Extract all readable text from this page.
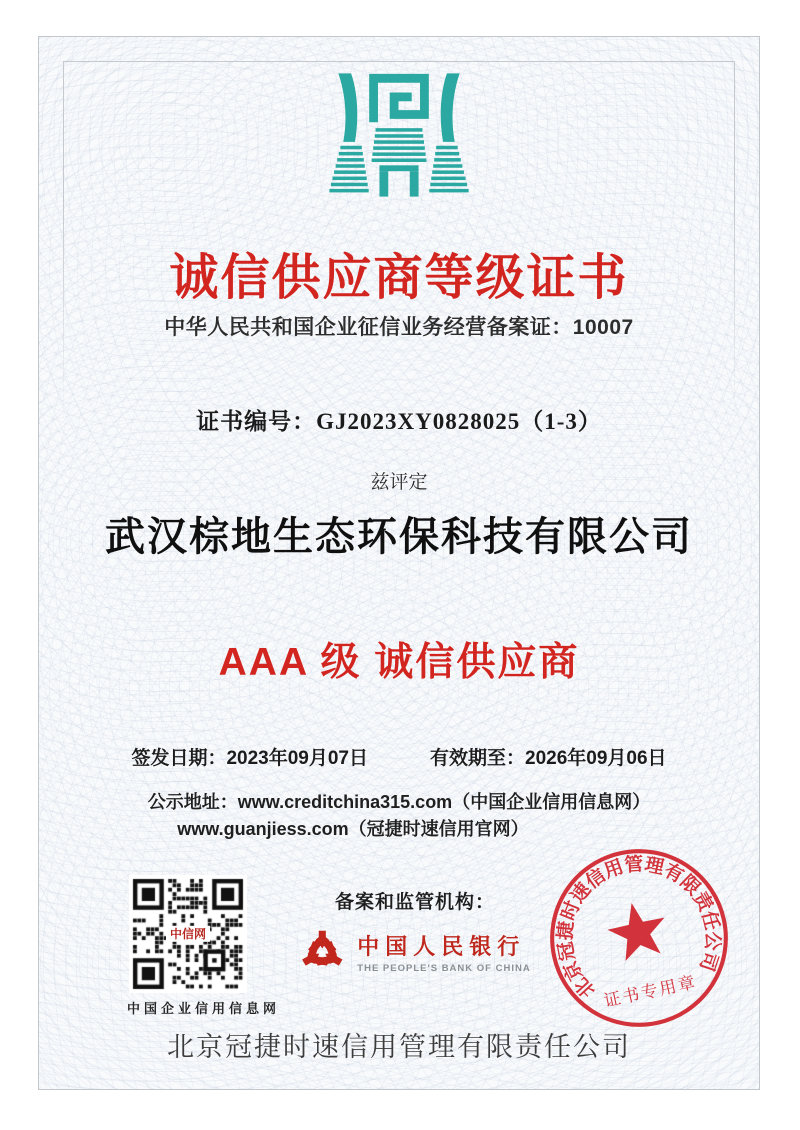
诚信供应商等级证书
中华人民共和国企业征信业务经营备案证：10007
证书编号：GJ2023XY0828025（1-3）
兹评定
武汉棕地生态环保科技有限公司
AAA 级 诚信供应商
签发日期：2023年09月07日	有效期至：2026年09月06日
公示地址：www.creditchina315.com（中国企业信用信息网）
www.guanjiess.com（冠捷时速信用官网）
中信网
中国企业信用信息网
备案和监管机构：
中国人民银行
THE PEOPLE'S BANK OF CHINA
北京冠捷时速信用管理有限责任公司
证书专用章
北京冠捷时速信用管理有限责任公司
